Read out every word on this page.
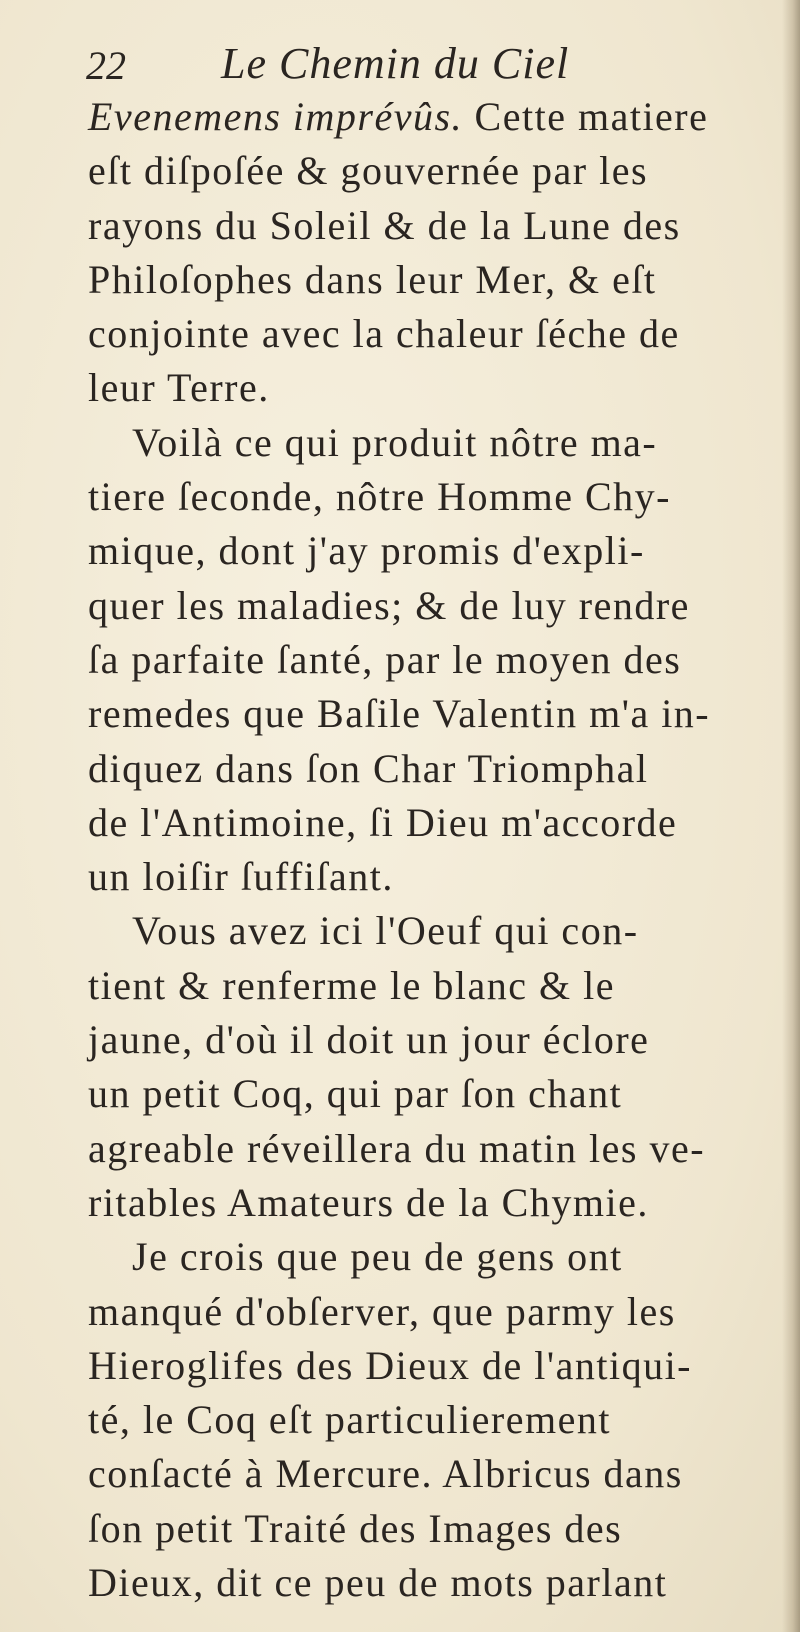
22 Le Chemin du Ciel
Evenemens imprévûs. Cette matiere
eſt diſpoſée & gouvernée par les
rayons du Soleil & de la Lune des
Philoſophes dans leur Mer, & eſt
conjointe avec la chaleur ſéche de
leur Terre.
Voilà ce qui produit nôtre ma-
tiere ſeconde, nôtre Homme Chy-
mique, dont j'ay promis d'expli-
quer les maladies; & de luy rendre
ſa parfaite ſanté, par le moyen des
remedes que Baſile Valentin m'a in-
diquez dans ſon Char Triomphal
de l'Antimoine, ſi Dieu m'accorde
un loiſir ſuffiſant.
Vous avez ici l'Oeuf qui con-
tient & renferme le blanc & le
jaune, d'où il doit un jour éclore
un petit Coq, qui par ſon chant
agreable réveillera du matin les ve-
ritables Amateurs de la Chymie.
Je crois que peu de gens ont
manqué d'obſerver, que parmy les
Hieroglifes des Dieux de l'antiqui-
té, le Coq eſt particulierement
conſacté à Mercure. Albricus dans
ſon petit Traité des Images des
Dieux, dit ce peu de mots parlant
